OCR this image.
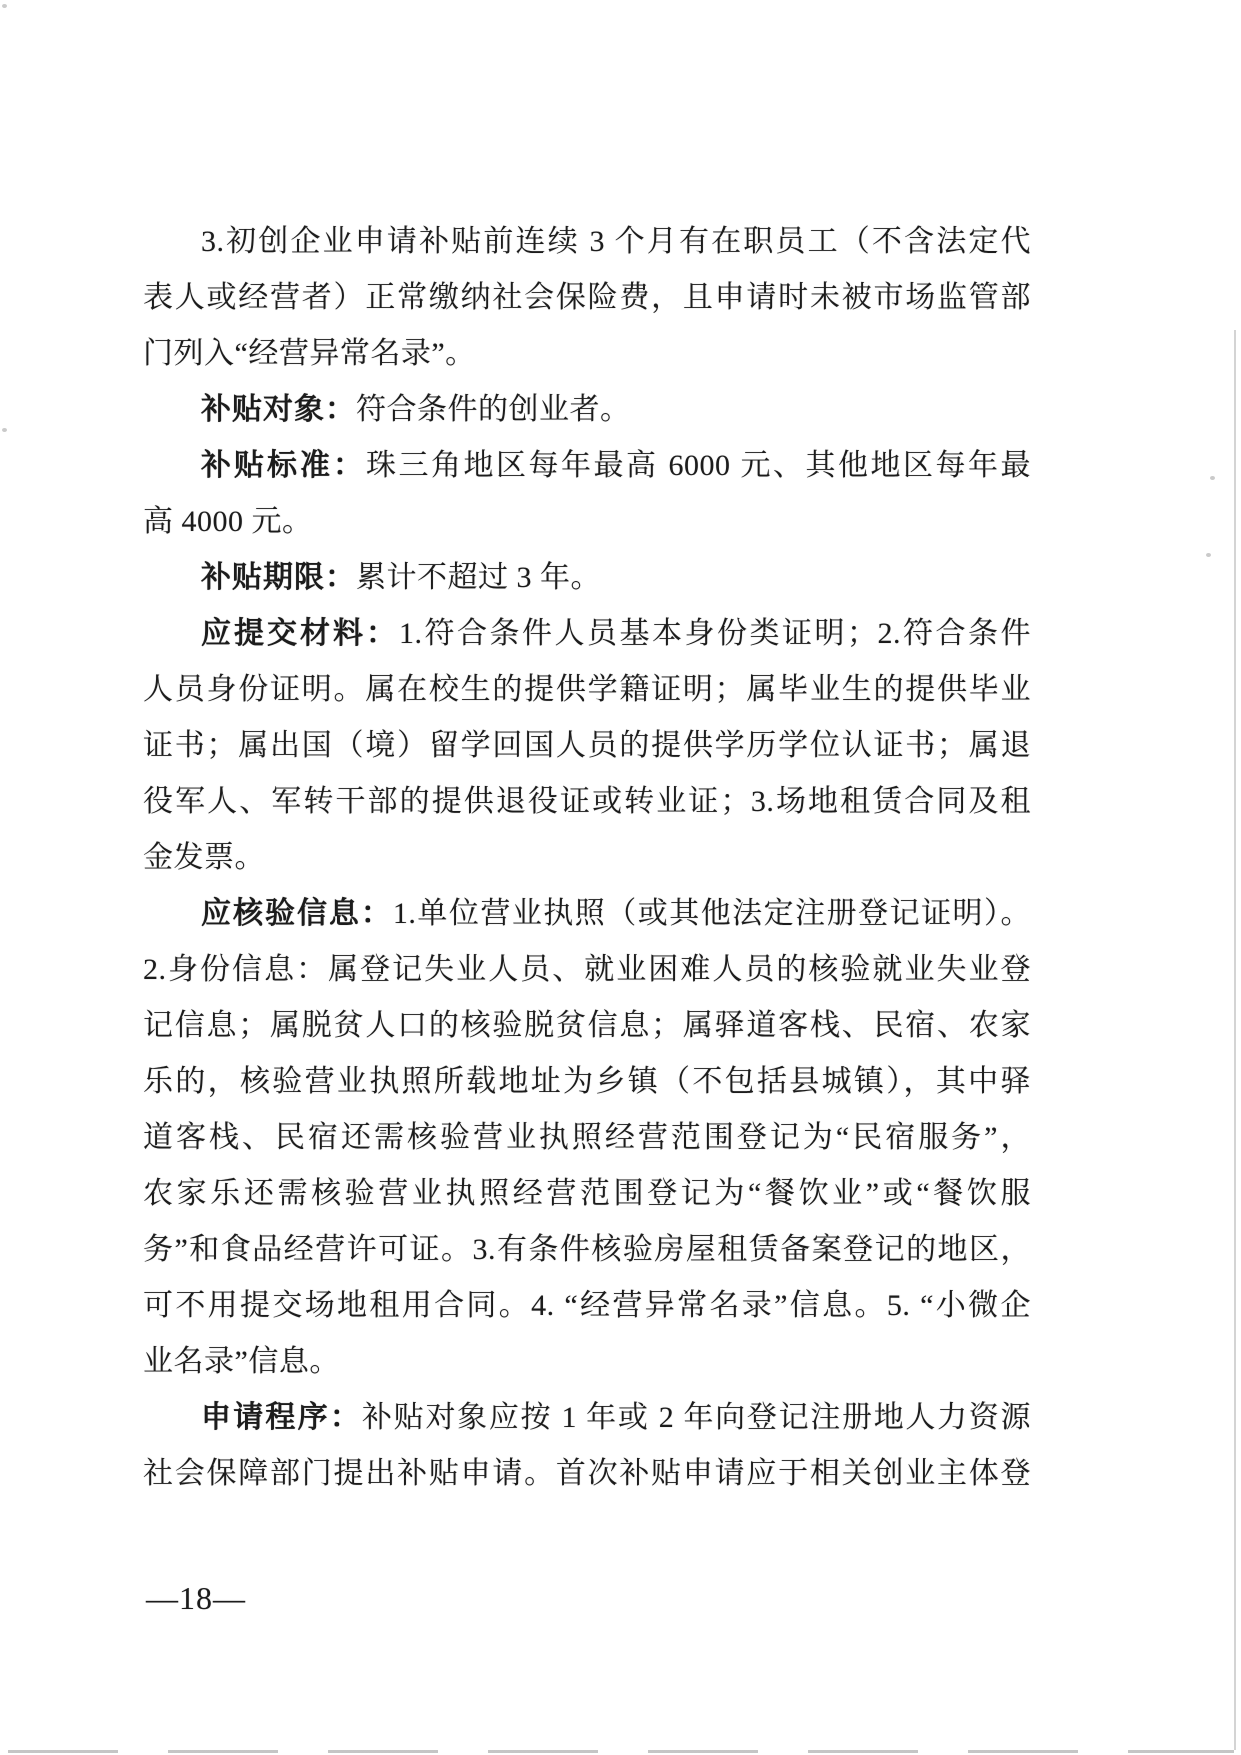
3.初创企业申请补贴前连续 3 个月有在职员工（不含法定代
表人或经营者）正常缴纳社会保险费，且申请时未被市场监管部
门列入“经营异常名录”。
补贴对象：符合条件的创业者。
补贴标准：珠三角地区每年最高 6000 元、其他地区每年最
高 4000 元。
补贴期限：累计不超过 3 年。
应提交材料：1.符合条件人员基本身份类证明；2.符合条件
人员身份证明。属在校生的提供学籍证明；属毕业生的提供毕业
证书；属出国（境）留学回国人员的提供学历学位认证书；属退
役军人、军转干部的提供退役证或转业证；3.场地租赁合同及租
金发票。
应核验信息：1.单位营业执照（或其他法定注册登记证明）。
2.身份信息：属登记失业人员、就业困难人员的核验就业失业登
记信息；属脱贫人口的核验脱贫信息；属驿道客栈、民宿、农家
乐的，核验营业执照所载地址为乡镇（不包括县城镇），其中驿
道客栈、民宿还需核验营业执照经营范围登记为“民宿服务”，
农家乐还需核验营业执照经营范围登记为“餐饮业”或“餐饮服
务”和食品经营许可证。3.有条件核验房屋租赁备案登记的地区，
可不用提交场地租用合同。4. “经营异常名录”信息。5. “小微企
业名录”信息。
申请程序：补贴对象应按 1 年或 2 年向登记注册地人力资源
社会保障部门提出补贴申请。首次补贴申请应于相关创业主体登
—18—
